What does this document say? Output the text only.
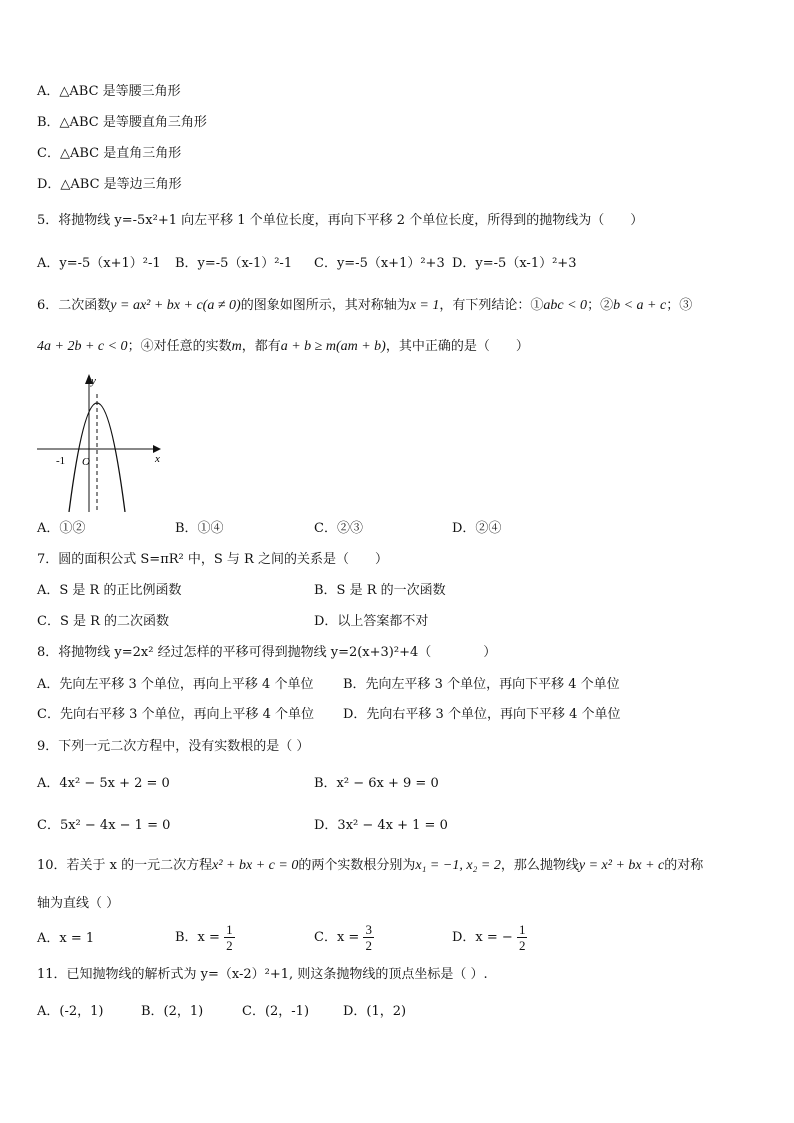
A．△ABC 是等腰三角形
B．△ABC 是等腰直角三角形
C．△ABC 是直角三角形
D．△ABC 是等边三角形
5．将抛物线 y=-5x²+1 向左平移 1 个单位长度，再向下平移 2 个单位长度，所得到的抛物线为（　　）
A．y=-5（x+1）²-1 B．y=-5（x-1）²-1 C．y=-5（x+1）²+3 D．y=-5（x-1）²+3
6．二次函数y = ax² + bx + c(a ≠ 0)的图象如图所示，其对称轴为x = 1，有下列结论：①abc < 0；②b < a + c；③
4a + 2b + c < 0；④对任意的实数m，都有a + b ≥ m(am + b)，其中正确的是（　　）
y
x
-1 O
A．①②	B．①④	C．②③	D．②④
7．圆的面积公式 S=πR² 中，S 与 R 之间的关系是（　　）
A．S 是 R 的正比例函数	B．S 是 R 的一次函数
C．S 是 R 的二次函数	D．以上答案都不对
8．将抛物线 y=2x² 经过怎样的平移可得到抛物线 y=2(x+3)²+4（　　　　）
A．先向左平移 3 个单位，再向上平移 4 个单位 B．先向左平移 3 个单位，再向下平移 4 个单位
C．先向右平移 3 个单位，再向上平移 4 个单位 D．先向右平移 3 个单位，再向下平移 4 个单位
9．下列一元二次方程中，没有实数根的是（ ）
A．4x² − 5x + 2 = 0	B．x² − 6x + 9 = 0
C．5x² − 4x − 1 = 0	D．3x² − 4x + 1 = 0
10．若关于 x 的一元二次方程x² + bx + c = 0的两个实数根分别为x₁ = −1, x₂ = 2，那么抛物线y = x² + bx + c的对称
轴为直线（ ）
A．x = 1	B．$x = \frac{1}{2}$	C．$x = \frac{3}{2}$	D．x = − $\frac{1}{2}$
11．已知抛物线的解析式为 y=（x-2）²+1, 则这条抛物线的顶点坐标是（ ）.
A．(-2，1)	B．(2，1)	C．(2，-1)	D．(1，2)
